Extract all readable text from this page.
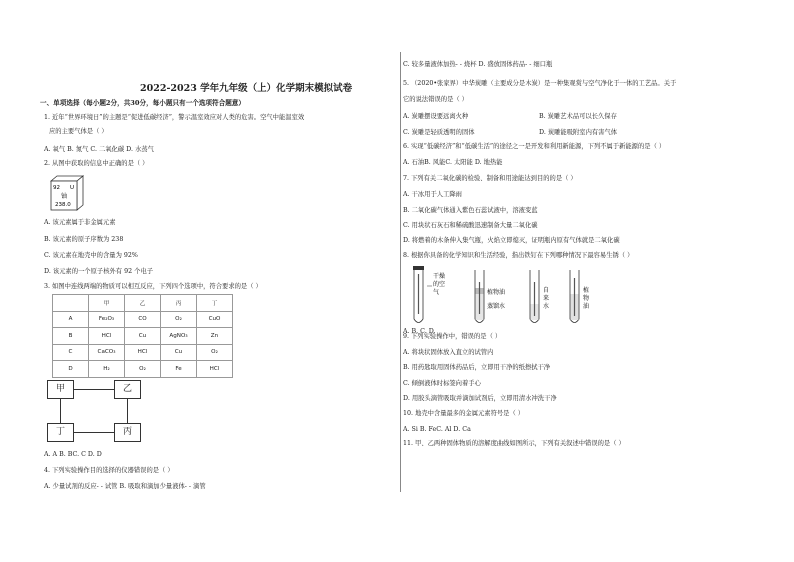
2022-2023 学年九年级（上）化学期末模拟试卷
一、单项选择（每小题2分，共30分，每小题只有一个选项符合题意）
1. 近年“世界环境日”的主题是“促进低碳经济”，警示温室效应对人类的危害。空气中能温室效
应的主要气体是（ ）
A. 氧气 B. 氮气 C. 二氧化碳 D. 水蒸气
2. 从图中获取的信息中正确的是（ ）
92 U
铀
238.0
A. 该元素属于非金属元素
B. 该元素的原子序数为 238
C. 该元素在地壳中的含量为 92%
D. 该元素的一个原子核外有 92 个电子
3. 如图中连线两端的物质可以相互反应，下列四个选项中，符合要求的是（ ）
	甲	乙	丙	丁
A	Fe₂O₃	CO	O₂	CuO
B	HCl	Cu	AgNO₃	Zn
C	CaCO₃	HCl	Cu	O₂
D	H₂	O₂	Fe	HCl
甲	乙
丁	丙
A. A B. BC. C D. D
4. 下列实验操作目的选择的仪器错误的是（ ）
A. 少量试剂的反应- - 试管 B. 吸取和滴加少量液体- - 滴管
C. 较多量液体加热- - 烧杯 D. 盛放固体药品- - 细口瓶
5. （2020•张家界）中华炭雕（主要成分是木炭）是一种集观赏与空气净化于一体的工艺品。关于
它的说法错误的是（ ）
A. 炭雕摆设要远离火种	B. 炭雕艺术品可以长久保存
C. 炭雕是轻质透明的固体	D. 炭雕能吸附室内有害气体
6. 实现“低碳经济”和“低碳生活”的途径之一是开发和利用新能源，下列不属于新能源的是（ ）
A. 石油B. 风能C. 太阳能 D. 地热能
7. 下列有关二氧化碳的检验、制备和用途能达到目的的是（ ）
A. 干冰用于人工降雨
B. 二氧化碳气体通入紫色石蕊试液中，溶液变蓝
C. 用块状石灰石和稀硫酸迅速制备大量二氧化碳
D. 将燃着的木条伸入集气瓶，火焰立即熄灭，证明瓶内原有气体就是二氧化碳
8. 根据你具备的化学知识和生活经验，指出铁钉在下列哪种情况下最容易生锈（ ）
干燥的空气	植物油
蒸馏水
自来水
植物油
A. B. C. D.
9. 下列实验操作中，错误的是（ ）
A. 将块状固体放入直立的试管内
B. 用药匙取用固体药品后，立即用干净的纸擦拭干净
C. 倾倒液体时标签向着手心
D. 用胶头滴管吸取并滴加试剂后，立即用清水冲洗干净
10. 地壳中含量最多的金属元素符号是（ ）
A. Si B. FeC. Al D. Ca
11. 甲、乙两种固体物质的溶解度曲线如图所示，下列有关叙述中错误的是（ ）
